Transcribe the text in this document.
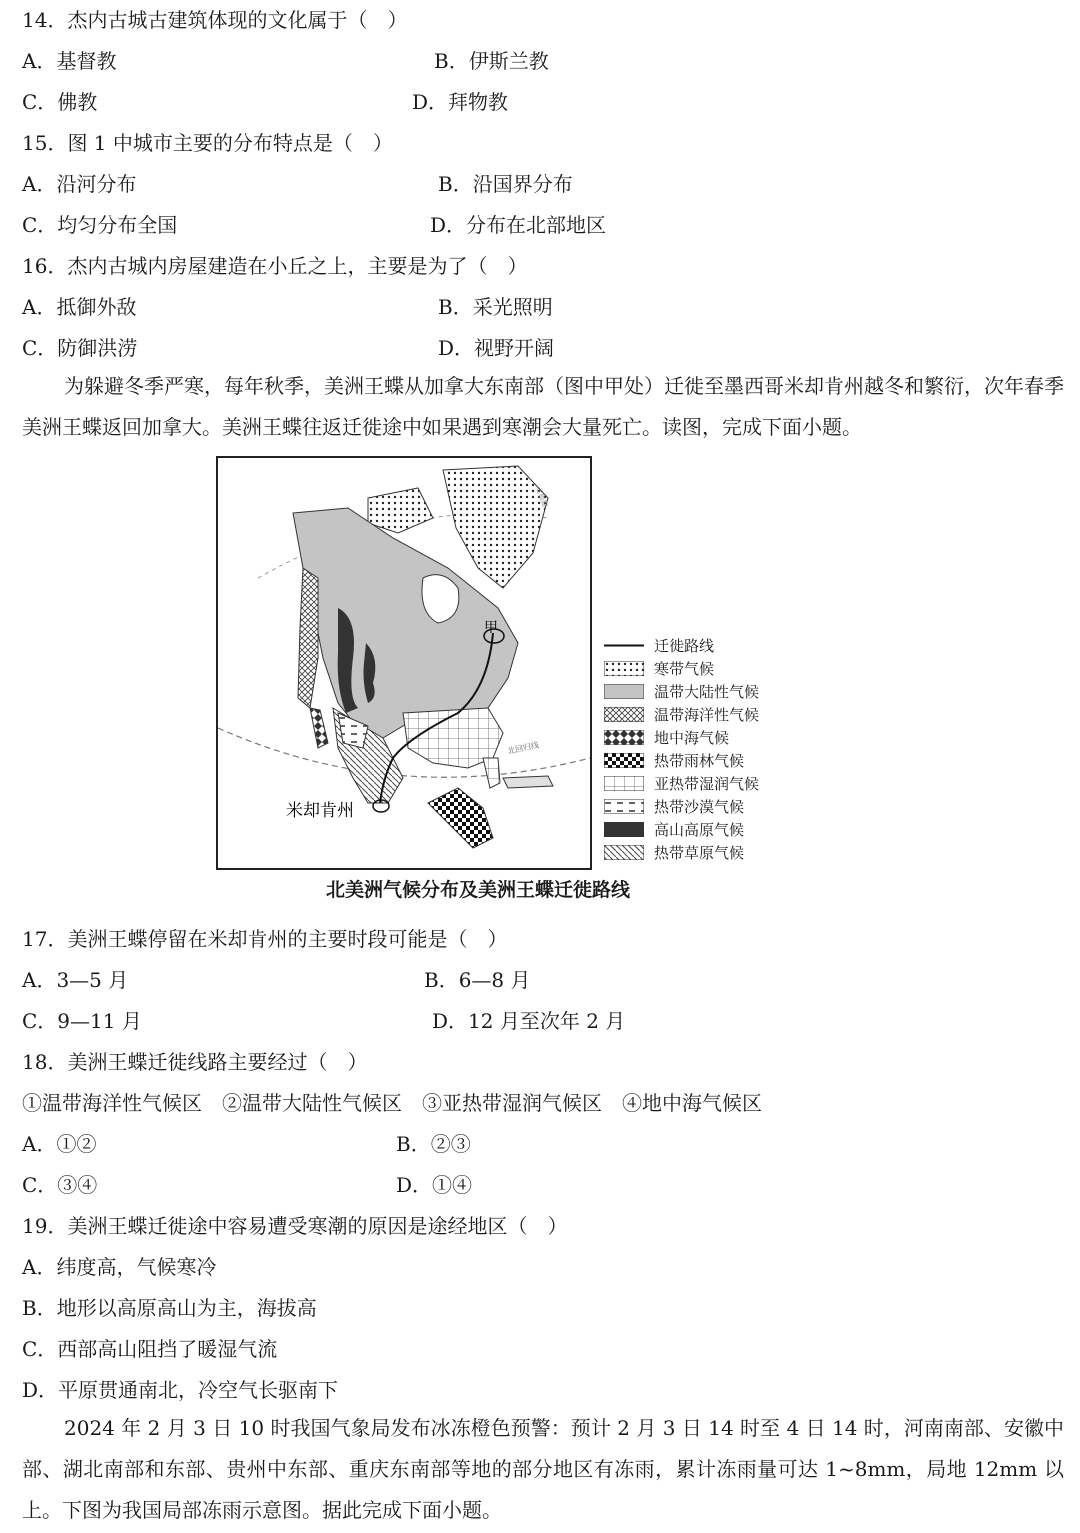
14．杰内古城古建筑体现的文化属于（　）
A．基督教	B．伊斯兰教
C．佛教	D．拜物教
15．图 1 中城市主要的分布特点是（　）
A．沿河分布	B．沿国界分布
C．均匀分布全国	D．分布在北部地区
16．杰内古城内房屋建造在小丘之上，主要是为了（　）
A．抵御外敌	B．采光照明
C．防御洪涝	D．视野开阔
为躲避冬季严寒，每年秋季，美洲王蝶从加拿大东南部（图中甲处）迁徙至墨西哥米却肯州越冬和繁衍，次年春季美洲王蝶返回加拿大。美洲王蝶往返迁徙途中如果遇到寒潮会大量死亡。读图，完成下面小题。
甲
米却肯州
北回归线
北极圈
迁徙路线
寒带气候
温带大陆性气候
温带海洋性气候
地中海气候
热带雨林气候
亚热带湿润气候
热带沙漠气候
高山高原气候
热带草原气候
北美洲气候分布及美洲王蝶迁徙路线
17．美洲王蝶停留在米却肯州的主要时段可能是（　）
A．3—5 月	B．6—8 月
C．9—11 月	D．12 月至次年 2 月
18．美洲王蝶迁徙线路主要经过（　）
①温带海洋性气候区　②温带大陆性气候区　③亚热带湿润气候区　④地中海气候区
A．①②	B．②③
C．③④	D．①④
19．美洲王蝶迁徙途中容易遭受寒潮的原因是途经地区（　）
A．纬度高，气候寒冷
B．地形以高原高山为主，海拔高
C．西部高山阻挡了暖湿气流
D．平原贯通南北，冷空气长驱南下
2024 年 2 月 3 日 10 时我国气象局发布冰冻橙色预警：预计 2 月 3 日 14 时至 4 日 14 时，河南南部、安徽中部、湖北南部和东部、贵州中东部、重庆东南部等地的部分地区有冻雨，累计冻雨量可达 1~8mm，局地 12mm 以上。下图为我国局部冻雨示意图。据此完成下面小题。
